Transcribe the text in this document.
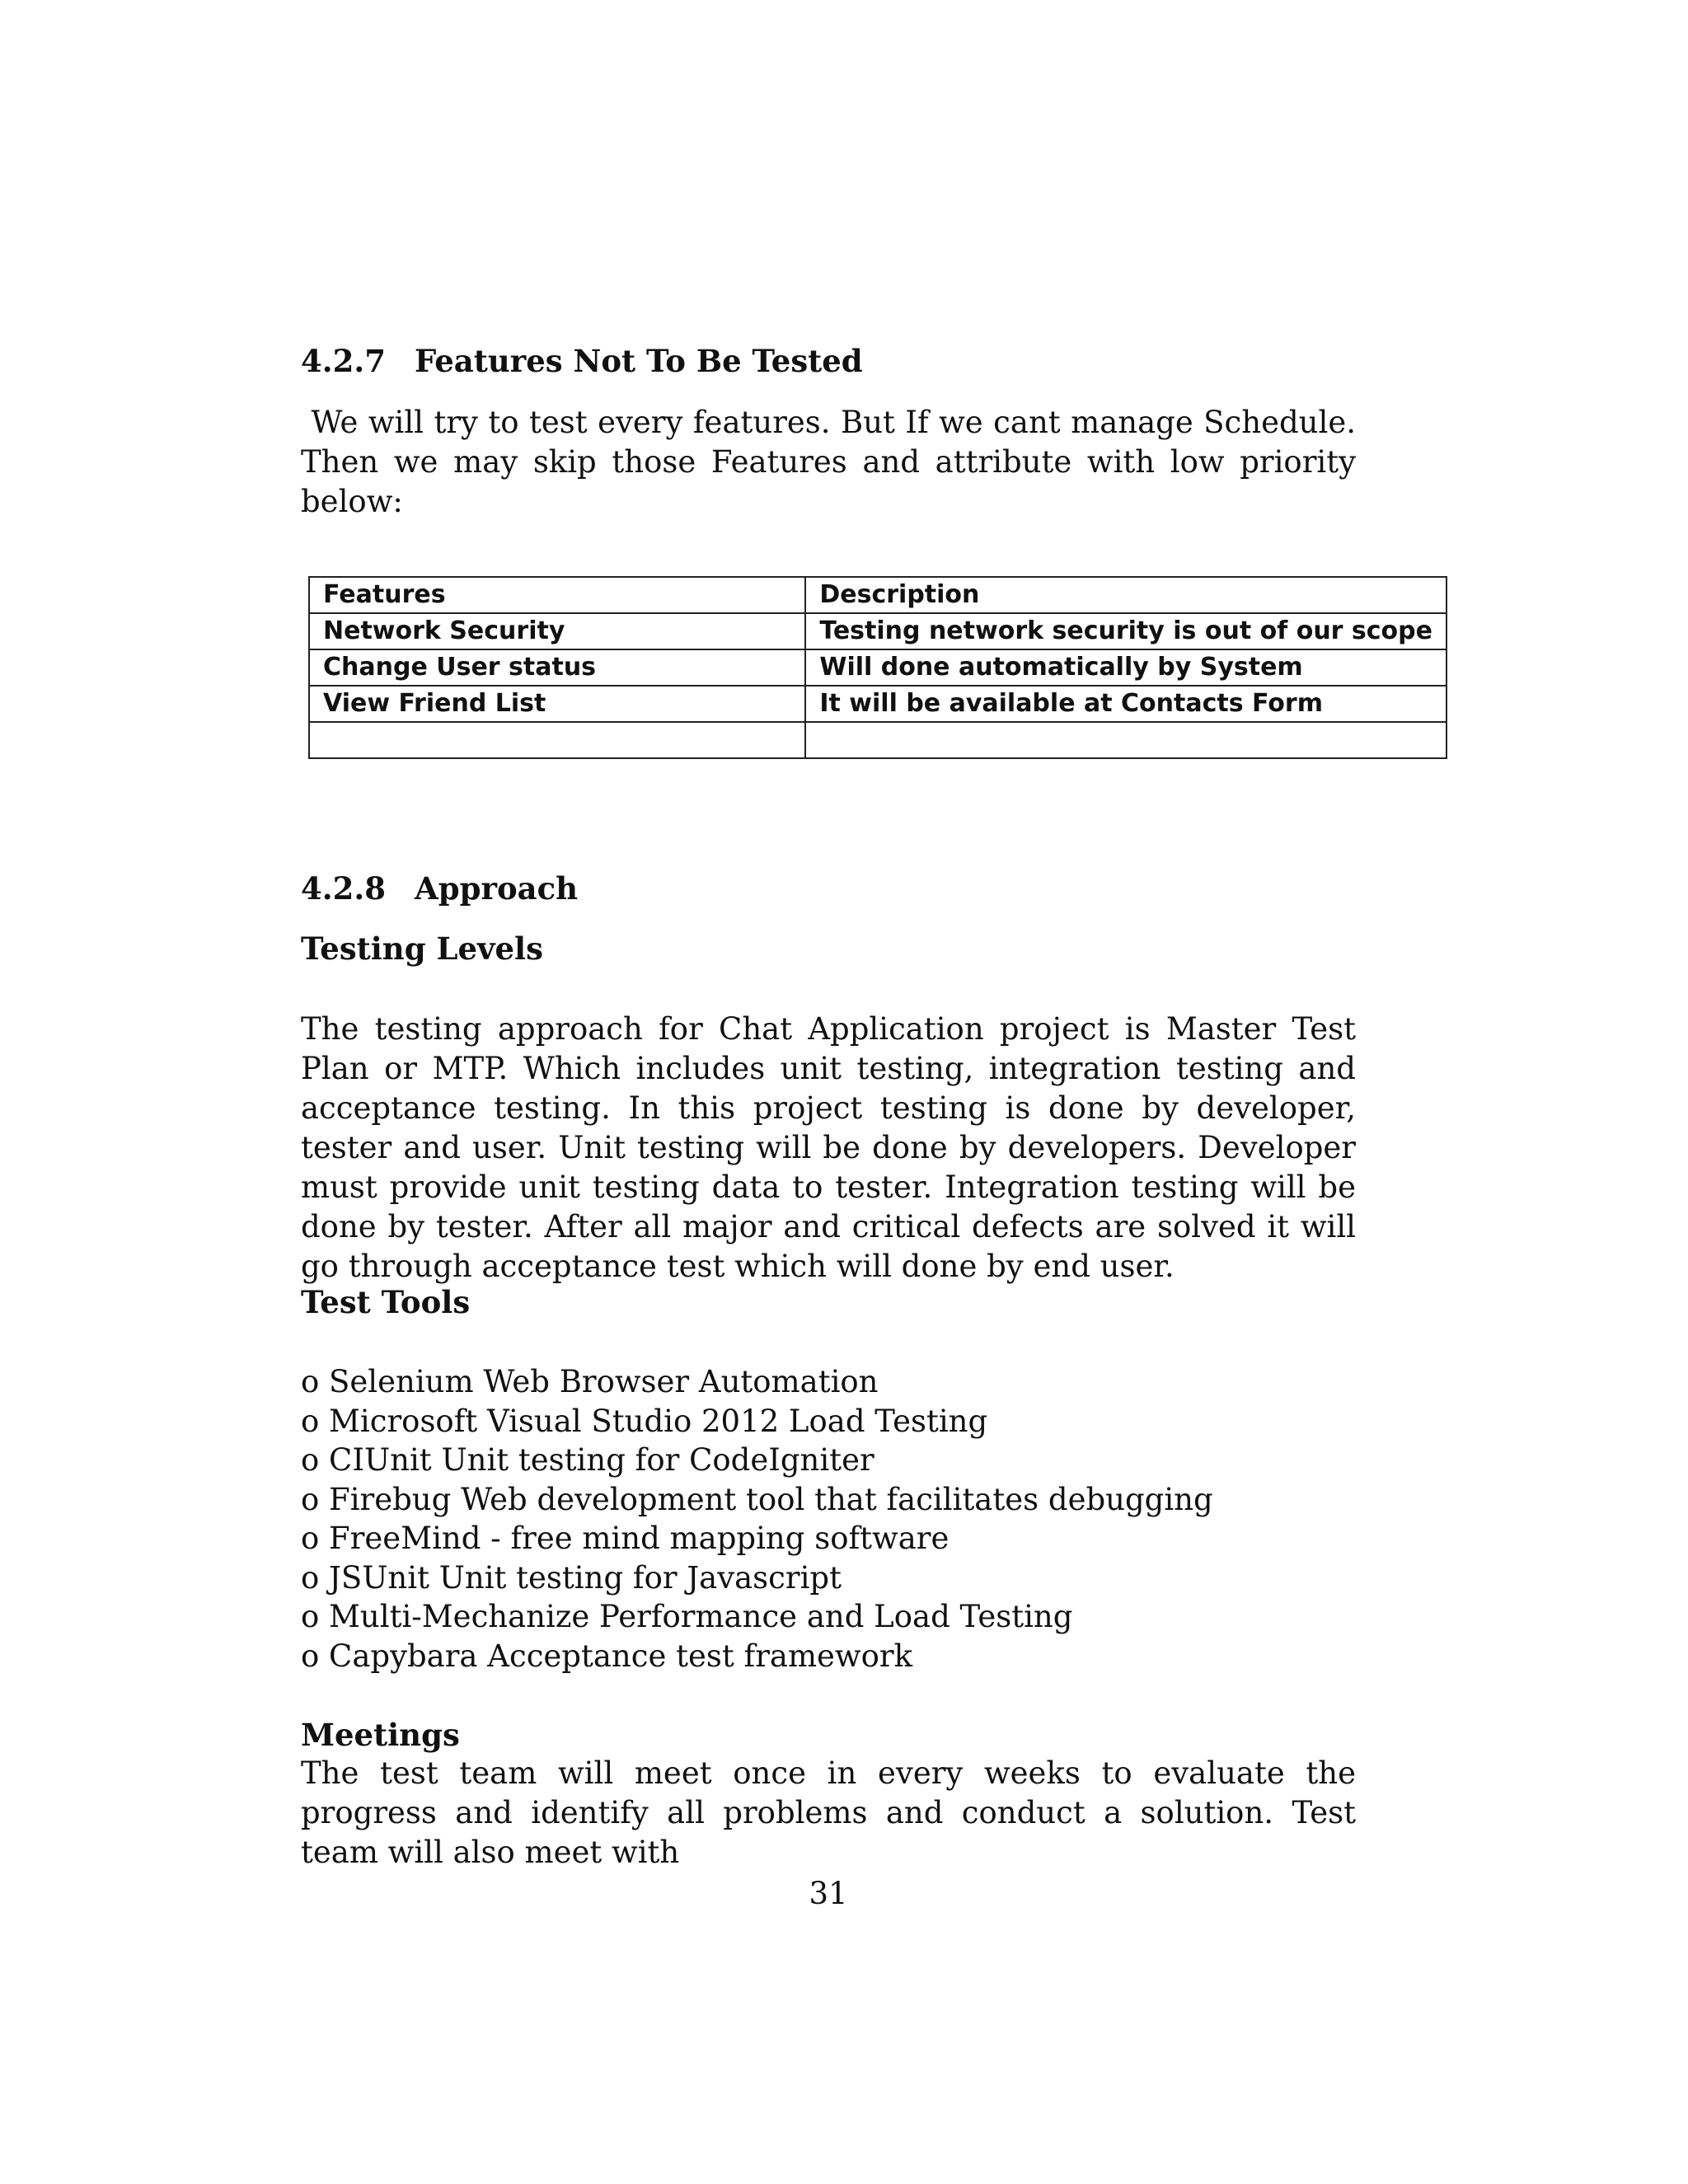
4.2.7 Features Not To Be Tested
We will try to test every features. But If we cant manage Schedule. Then we may skip those Features and attribute with low priority below:
Features	Description
Network Security	Testing network security is out of our scope
Change User status	Will done automatically by System
View Friend List	It will be available at Contacts Form

4.2.8 Approach
Testing Levels
The testing approach for Chat Application project is Master Test Plan or MTP. Which includes unit testing, integration testing and acceptance testing. In this project testing is done by developer, tester and user. Unit testing will be done by developers. Developer must provide unit testing data to tester. Integration testing will be done by tester. After all major and critical defects are solved it will go through acceptance test which will done by end user.
Test Tools
o Selenium Web Browser Automation
o Microsoft Visual Studio 2012 Load Testing
o CIUnit Unit testing for CodeIgniter
o Firebug Web development tool that facilitates debugging
o FreeMind - free mind mapping software
o JSUnit Unit testing for Javascript
o Multi-Mechanize Performance and Load Testing
o Capybara Acceptance test framework
Meetings
The test team will meet once in every weeks to evaluate the progress and identify all problems and conduct a solution. Test team will also meet with
31
